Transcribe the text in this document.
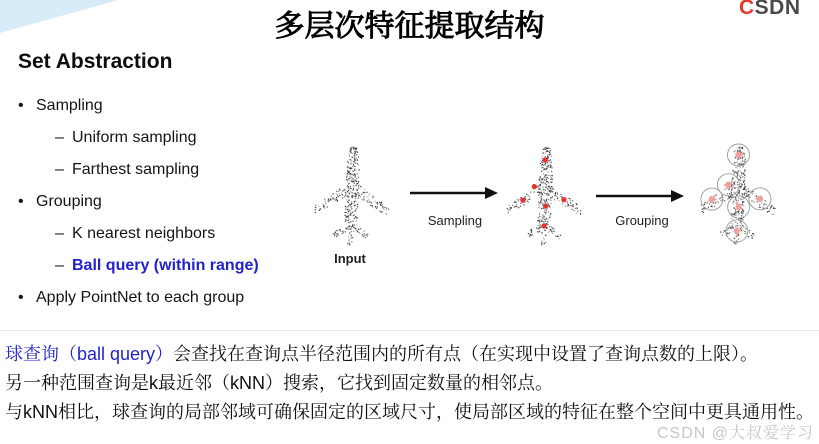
CSDN
多层次特征提取结构
Set Abstraction
• Sampling
– Uniform sampling
– Farthest sampling
• Grouping
– K nearest neighbors
– Ball query (within range)
• Apply PointNet to each group
Sampling	Grouping
Input
球查询（ball query）会查找在查询点半径范围内的所有点（在实现中设置了查询点数的上限）。
另一种范围查询是k最近邻（kNN）搜索，它找到固定数量的相邻点。
与kNN相比，球查询的局部邻域可确保固定的区域尺寸，使局部区域的特征在整个空间中更具通用性。
CSDN @大叔爱学习
